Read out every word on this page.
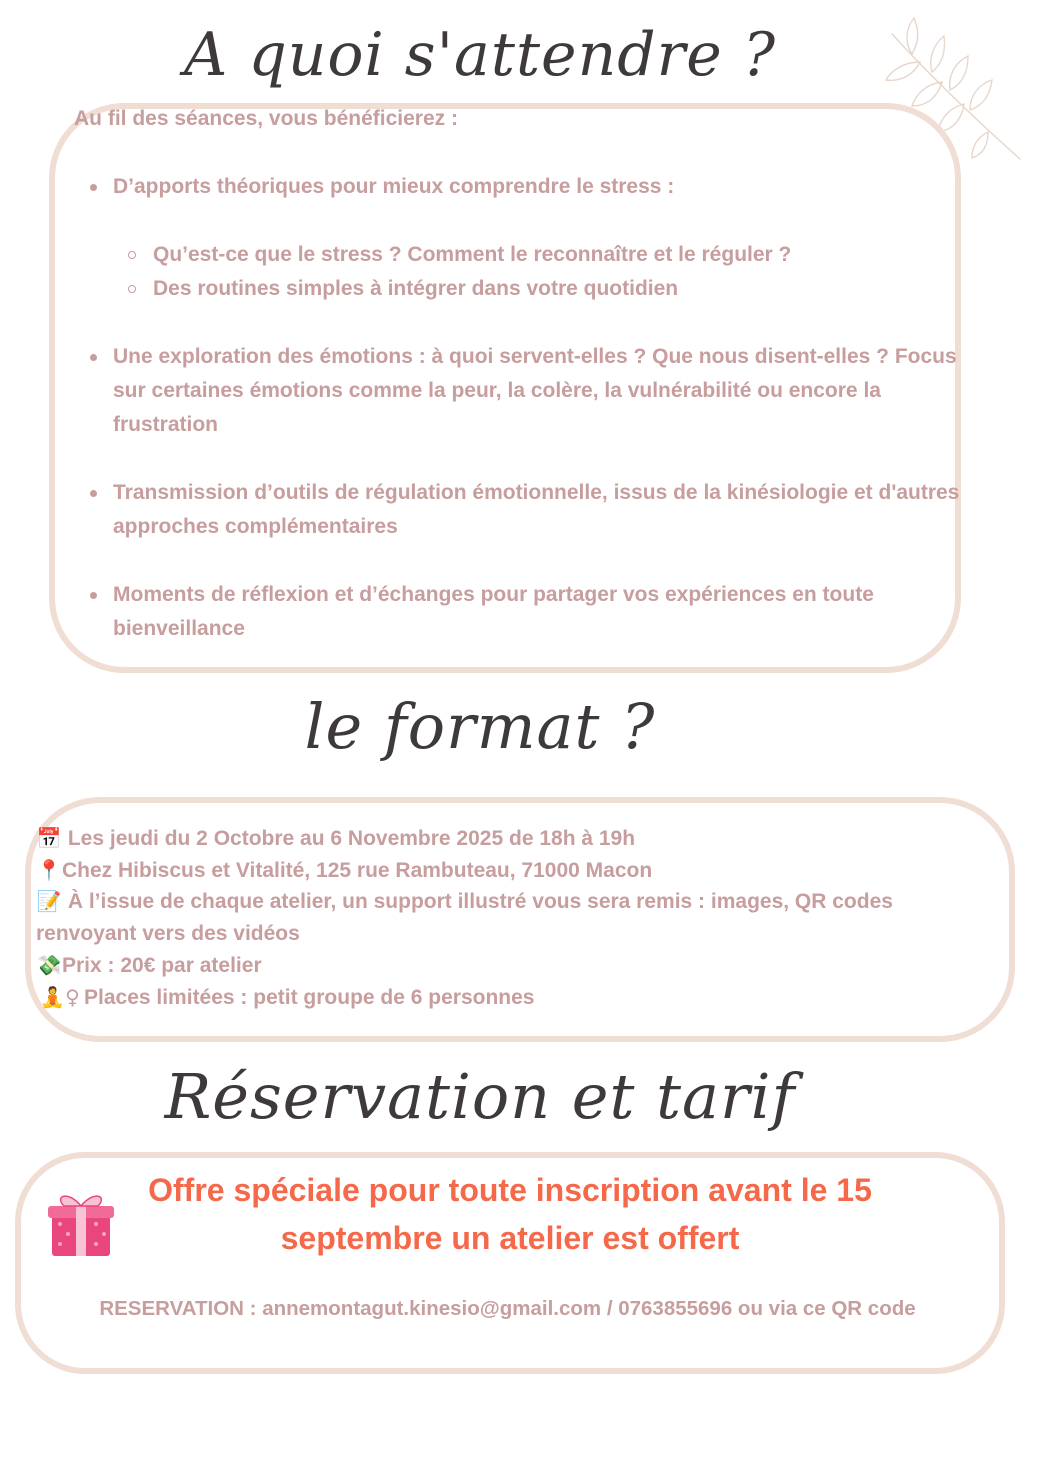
A quoi s'attendre ?

Au fil des séances, vous bénéficierez :

D’apports théoriques pour mieux comprendre le stress :
Qu’est-ce que le stress ? Comment le reconnaître et le réguler ?
Des routines simples à intégrer dans votre quotidien
Une exploration des émotions : à quoi servent-elles ? Que nous disent-elles ? Focus sur certaines émotions comme la peur, la colère, la vulnérabilité ou encore la frustration
Transmission d’outils de régulation émotionnelle, issus de la kinésiologie et d'autres approches complémentaires
Moments de réflexion et d’échanges pour partager vos expériences en toute bienveillance
le format ?
📅 Les jeudi du 2 Octobre au 6 Novembre 2025 de 18h à 19h
📍Chez Hibiscus et Vitalité, 125 rue Rambuteau, 71000 Macon
📝 À l’issue de chaque atelier, un support illustré vous sera remis : images, QR codes renvoyant vers des vidéos
💸Prix : 20€ par atelier
🧘♀ Places limitées : petit groupe de 6 personnes
Réservation et tarif

Offre spéciale pour toute inscription avant le 15 septembre un atelier est offert

RESERVATION : annemontagut.kinesio@gmail.com / 0763855696 ou via ce QR code
